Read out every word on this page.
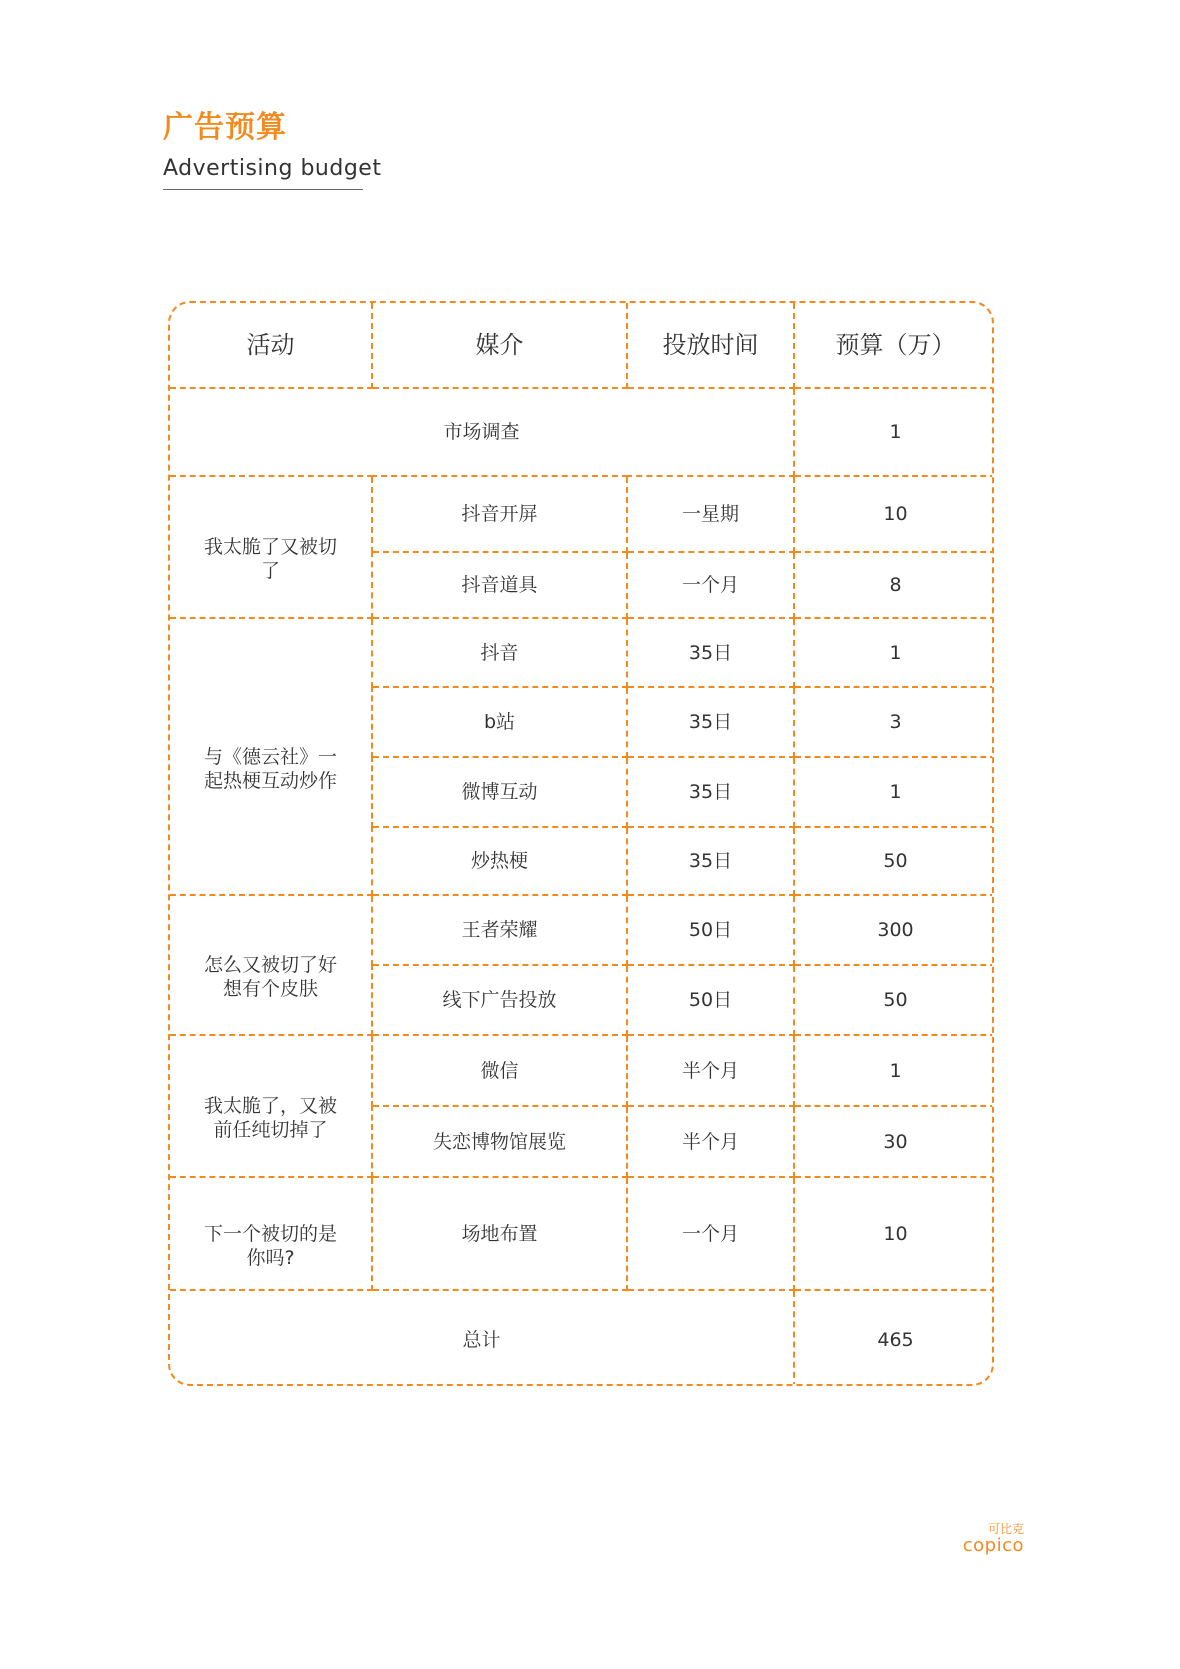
广告预算
Advertising budget
活动	媒介	投放时间	预算（万）
市场调查			1

我太脆了又被切了	抖音开屏	一星期	10
	抖音道具	一个月	8

与《德云社》一起热梗互动炒作	抖音	35日	1
	b站	35日	3
	微博互动	35日	1
	炒热梗	35日	50

怎么又被切了好想有个皮肤	王者荣耀	50日	300
	线下广告投放	50日	50

我太脆了，又被前任纯切掉了	微信	半个月	1
	失恋博物馆展览	半个月	30

下一个被切的是你吗?	场地布置	一个月	10
总计			465
可比克
copico
